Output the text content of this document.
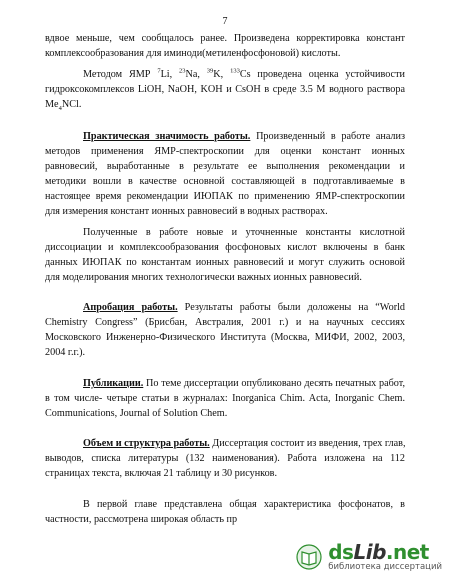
7
вдвое меньше, чем сообщалось ранее. Произведена корректировка констант
комплексообразования для иминоди(метиленфосфоновой) кислоты.
Методом ЯМР $^7$Li, $^{23}$Na, $^{39}$K, $^{133}$Cs проведена оценка устойчивости
гидроксокомплексов LiOH, NaOH, KOH и CsOH в среде 3.5 М водного раствора
$Me_4NCl$.
Практическая значимость работы. Произведенный в работе анализ
методов применения ЯМР-спектроскопии для оценки констант ионных
равновесий, выработанные в результате ее выполнения рекомендации и
методики вошли в качестве основной составляющей в подготавливаемые в
настоящее время рекомендации ИЮПАК по применению ЯМР-спектроскопии
для измерения констант ионных равновесий в водных растворах.
Полученные в работе новые и уточненные константы кислотной
диссоциации и комплексообразования фосфоновых кислот включены в банк
данных ИЮПАК по константам ионных равновесий и могут служить основой
для моделирования многих технологически важных ионных равновесий.
Апробация работы. Результаты работы были доложены на “World
Chemistry Congress” (Брисбан, Австралия, 2001 г.) и на научных сессиях
Московского Инженерно-Физического Института (Москва, МИФИ, 2002, 2003,
2004 г.г.).
Публикации. По теме диссертации опубликовано десять печатных работ,
в том числе- четыре статьи в журналах: Inorganica Chim. Acta, Inorganic Chem.
Communications, Journal of Solution Chem.
Объем и структура работы. Диссертация состоит из введения, трех глав,
выводов, списка литературы (132 наименования). Работа изложена на 112
страницах текста, включая 21 таблицу и 30 рисунков.
В первой главе представлена общая характеристика фосфонатов, в
частности, рассмотрена широкая область пр
dsLib.net
библиотека диссертаций
